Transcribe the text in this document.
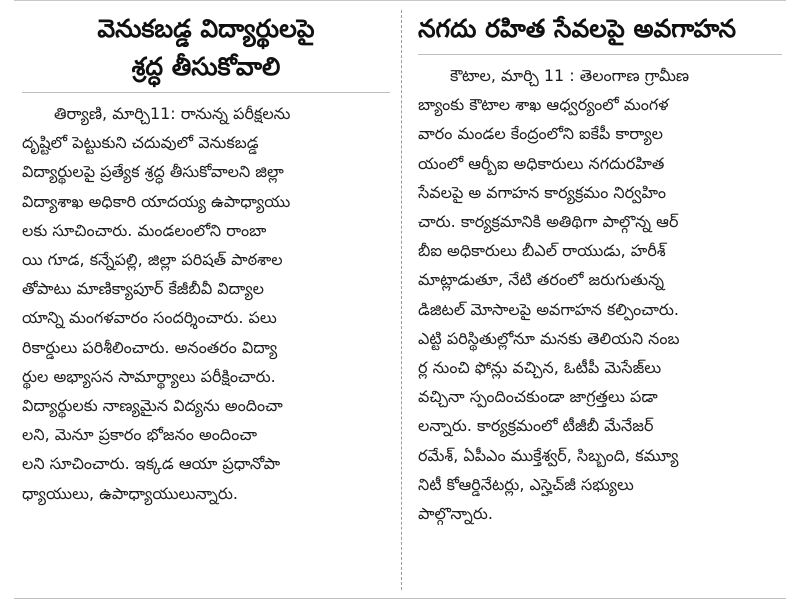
వెనుకబడ్డ విద్యార్థులపై
శ్రద్ధ తీసుకోవాలి
తిర్యాణి, మార్చి11: రానున్న పరీక్షలను
దృష్టిలో పెట్టుకుని చదువులో వెనుకబడ్డ
విద్యార్థులపై ప్రత్యేక శ్రద్ధ తీసుకోవాలని జిల్లా
విద్యాశాఖ అధికారి యాదయ్య ఉపాధ్యాయు
లకు సూచించారు. మండలంలోని రాంబా
యి గూడ, కన్నేపల్లి, జిల్లా పరిషత్ పాఠశాల
తోపాటు మాణిక్యాపూర్ కేజీబీవీ విద్యాల
యాన్ని మంగళవారం సందర్శించారు. పలు
రికార్డులు పరిశీలించారు. అనంతరం విద్యా
ర్థుల అభ్యాసన సామార్థ్యాలు పరీక్షించారు.
విద్యార్థులకు నాణ్యమైన విద్యను అందించా
లని, మెనూ ప్రకారం భోజనం అందించా
లని సూచించారు. ఇక్కడ ఆయా ప్రధానోపా
ధ్యాయులు, ఉపాధ్యాయులున్నారు.
నగదు రహిత సేవలపై అవగాహన
కౌటాల, మార్చి 11 : తెలంగాణ గ్రామీణ
బ్యాంకు కౌటాల శాఖ ఆధ్వర్యంలో మంగళ
వారం మండల కేంద్రంలోని ఐకేపీ కార్యాల
యంలో ఆర్బీఐ అధికారులు నగదురహిత
సేవలపై అ వగాహన కార్యక్రమం నిర్వహిం
చారు. కార్యక్రమానికి అతిథిగా పాల్గొన్న ఆర్
బీఐ అధికారులు బీఎల్ రాయుడు, హరీశ్
మాట్లాడుతూ, నేటి తరంలో జరుగుతున్న
డిజిటల్ మోసాలపై అవగాహన కల్పించారు.
ఎట్టి పరిస్థితుల్లోనూ మనకు తెలియని నంబ
ర్ల నుంచి ఫోన్లు వచ్చిన, ఓటీపీ మెసేజ్‌లు
వచ్చినా స్పందించకుండా జాగ్రత్తలు పడా
లన్నారు. కార్యక్రమంలో టీజీబీ మేనేజర్
రమేశ్, ఏపీఎం ముక్తేశ్వర్, సిబ్బంది, కమ్యూ
నిటీ కోఆర్డినేటర్లు, ఎస్హెచ్‌జీ సభ్యులు
పాల్గొన్నారు.
